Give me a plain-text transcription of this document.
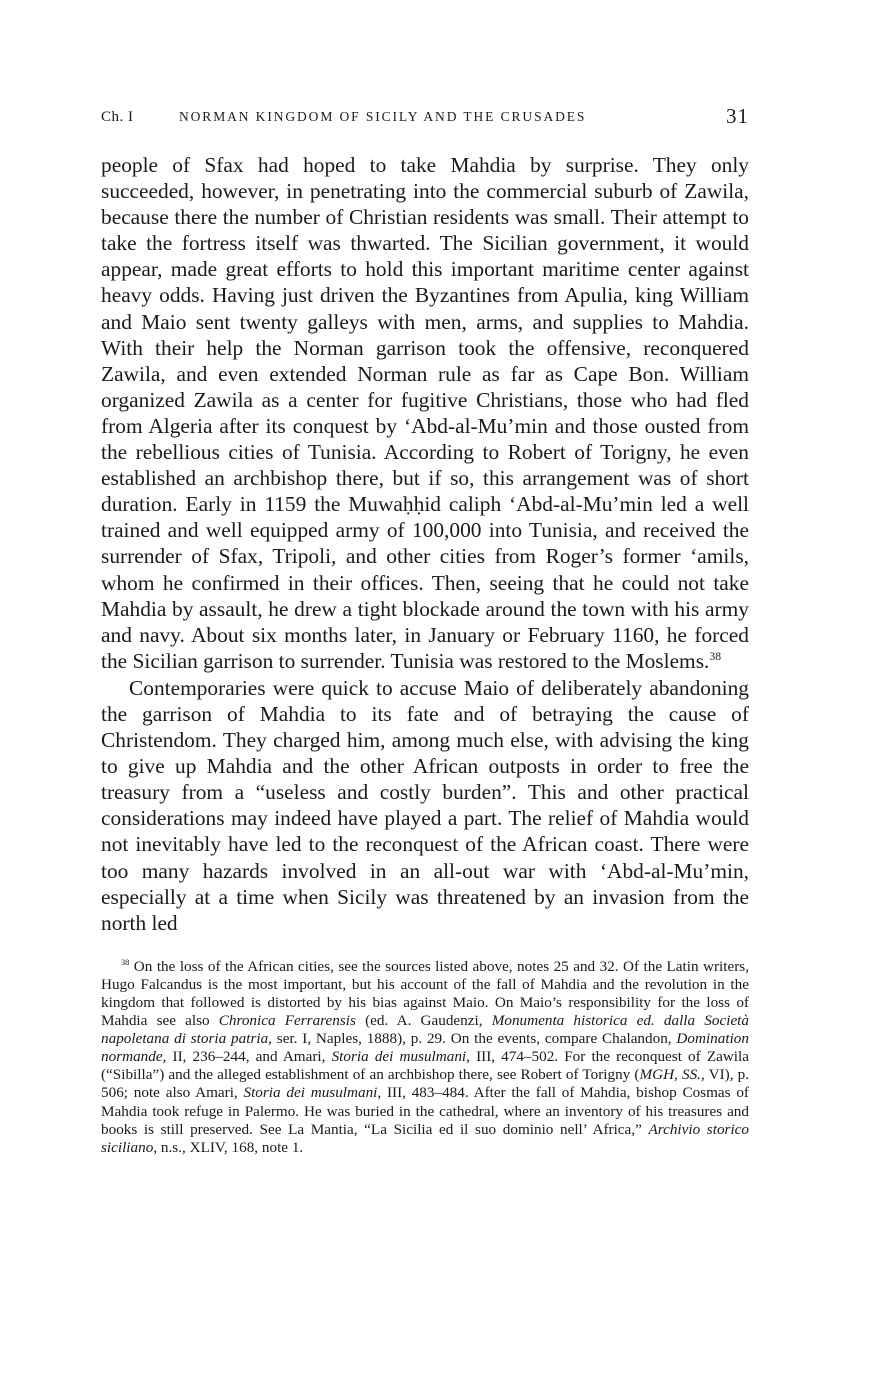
Ch. I	NORMAN KINGDOM OF SICILY AND THE CRUSADES	31

people of Sfax had hoped to take Mahdia by surprise. They only succeeded, however, in penetrating into the commercial suburb of Zawila, because there the number of Christian residents was small. Their attempt to take the fortress itself was thwarted. The Sicilian government, it would appear, made great efforts to hold this important maritime center against heavy odds. Having just driven the Byzantines from Apulia, king William and Maio sent twenty galleys with men, arms, and supplies to Mahdia. With their help the Norman garrison took the offensive, reconquered Zawila, and even extended Norman rule as far as Cape Bon. William organized Zawila as a center for fugitive Christians, those who had fled from Algeria after its conquest by ‘Abd-al-Mu’min and those ousted from the rebellious cities of Tunisia. According to Robert of Torigny, he even established an archbishop there, but if so, this arrangement was of short duration. Early in 1159 the Muwaḥḥid caliph ‘Abd-al-Mu’min led a well trained and well equipped army of 100,000 into Tunisia, and received the surrender of Sfax, Tripoli, and other cities from Roger’s former ‘amils, whom he confirmed in their offices. Then, seeing that he could not take Mahdia by assault, he drew a tight blockade around the town with his army and navy. About six months later, in January or February 1160, he forced the Sicilian garrison to surrender. Tunisia was restored to the Moslems.$^{38}$

Contemporaries were quick to accuse Maio of deliberately abandoning the garrison of Mahdia to its fate and of betraying the cause of Christendom. They charged him, among much else, with advising the king to give up Mahdia and the other African outposts in order to free the treasury from a “useless and costly burden”. This and other practical considerations may indeed have played a part. The relief of Mahdia would not inevitably have led to the reconquest of the African coast. There were too many hazards involved in an all-out war with ‘Abd-al-Mu’min, especially at a time when Sicily was threatened by an invasion from the north led

$^{38}$ On the loss of the African cities, see the sources listed above, notes 25 and 32. Of the Latin writers, Hugo Falcandus is the most important, but his account of the fall of Mahdia and the revolution in the kingdom that followed is distorted by his bias against Maio. On Maio’s responsibility for the loss of Mahdia see also Chronica Ferrarensis (ed. A. Gaudenzi, Monumenta historica ed. dalla Società napoletana di storia patria, ser. I, Naples, 1888), p. 29. On the events, compare Chalandon, Domination normande, II, 236–244, and Amari, Storia dei musulmani, III, 474–502. For the reconquest of Zawila (“Sibilla”) and the alleged establishment of an archbishop there, see Robert of Torigny (MGH, SS., VI), p. 506; note also Amari, Storia dei musulmani, III, 483–484. After the fall of Mahdia, bishop Cosmas of Mahdia took refuge in Palermo. He was buried in the cathedral, where an inventory of his treasures and books is still preserved. See La Mantia, “La Sicilia ed il suo dominio nell’ Africa,” Archivio storico siciliano, n.s., XLIV, 168, note 1.
